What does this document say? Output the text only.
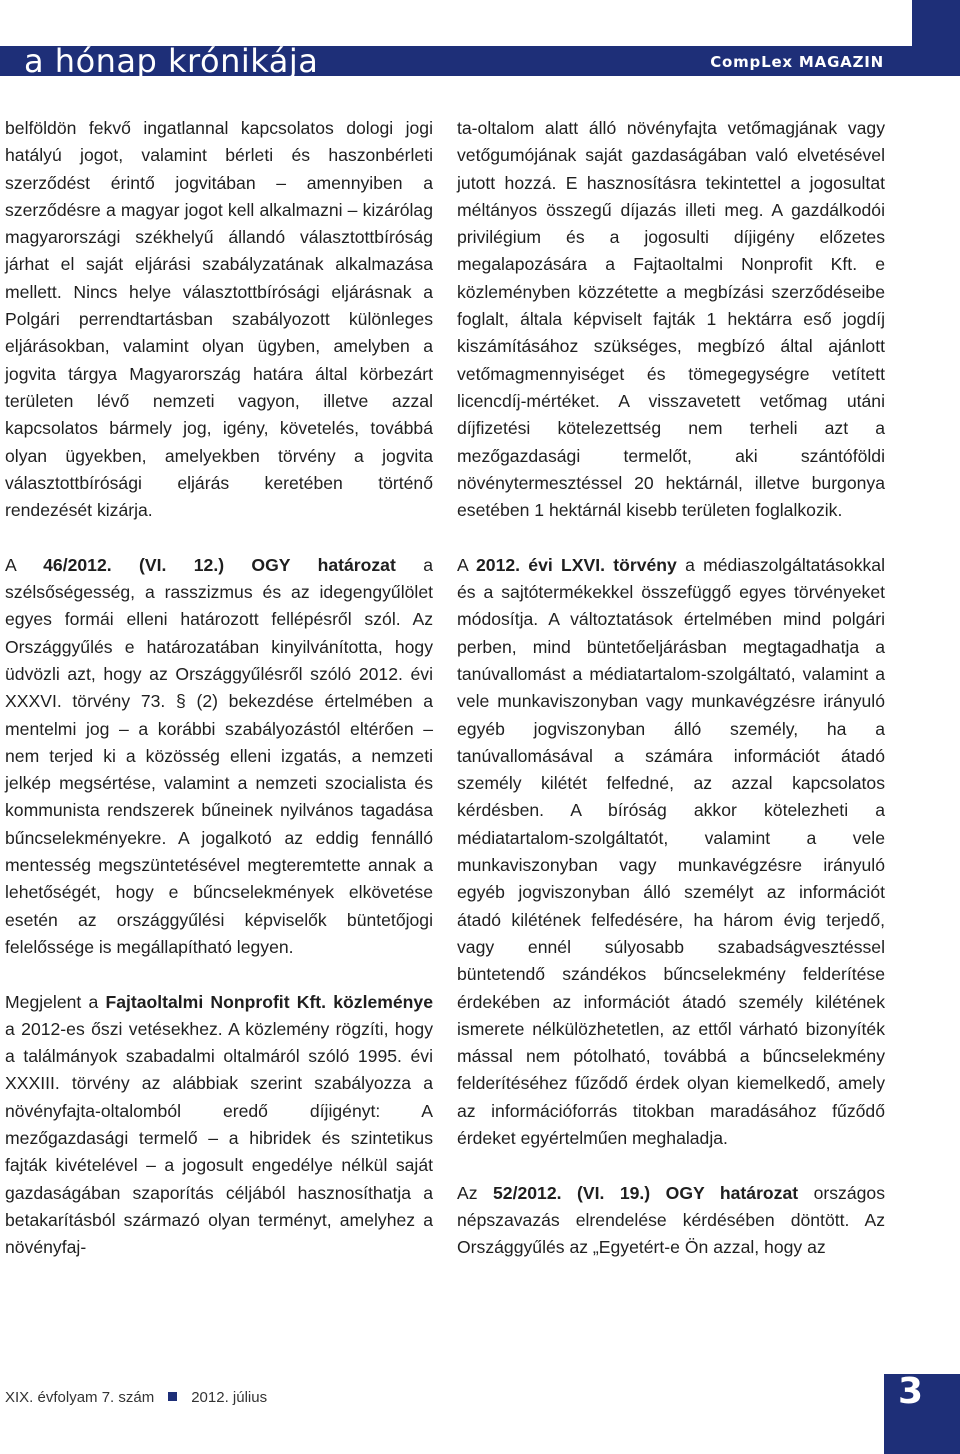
a hónap krónikája	CompLex MAGAZIN

belföldön fekvő ingatlannal kapcsolatos dologi jogi hatályú jogot, valamint bérleti és haszonbérleti szerződést érintő jogvitában – amennyiben a szerződésre a magyar jogot kell alkalmazni – kizárólag magyarországi székhelyű állandó választottbíróság járhat el saját eljárási szabályzatának alkalmazása mellett. Nincs helye választottbírósági eljárásnak a Polgári perrendtartásban szabályozott különleges eljárásokban, valamint olyan ügyben, amelyben a jogvita tárgya Magyarország határa által körbezárt területen lévő nemzeti vagyon, illetve azzal kapcsolatos bármely jog, igény, követelés, továbbá olyan ügyekben, amelyekben törvény a jogvita választottbírósági eljárás keretében történő rendezését kizárja.

A 46/2012. (VI. 12.) OGY határozat a szélsőségesség, a rasszizmus és az idegengyűlölet egyes formái elleni határozott fellépésről szól. Az Országgyűlés e határozatában kinyilvánította, hogy üdvözli azt, hogy az Országgyűlésről szóló 2012. évi XXXVI. törvény 73. § (2) bekezdése értelmében a mentelmi jog – a korábbi szabályozástól eltérően – nem terjed ki a közösség elleni izgatás, a nemzeti jelkép megsértése, valamint a nemzeti szocialista és kommunista rendszerek bűneinek nyilvános tagadása bűncselekményekre. A jogalkotó az eddig fennálló mentesség megszüntetésével megteremtette annak a lehetőségét, hogy e bűncselekmények elkövetése esetén az országgyűlési képviselők büntetőjogi felelőssége is megállapítható legyen.

Megjelent a Fajtaoltalmi Nonprofit Kft. közleménye a 2012-es őszi vetésekhez. A közlemény rögzíti, hogy a találmányok szabadalmi oltalmáról szóló 1995. évi XXXIII. törvény az alábbiak szerint szabályozza a növényfajta-oltalomból eredő díjigényt: A mezőgazdasági termelő – a hibridek és szintetikus fajták kivételével – a jogosult engedélye nélkül saját gazdaságában szaporítás céljából hasznosíthatja a betakarításból származó olyan terményt, amelyhez a növényfaj-

ta-oltalom alatt álló növényfajta vetőmagjának vagy vetőgumójának saját gazdaságában való elvetésével jutott hozzá. E hasznosításra tekintettel a jogosultat méltányos összegű díjazás illeti meg. A gazdálkodói privilégium és a jogosulti díjigény előzetes megalapozására a Fajtaoltalmi Nonprofit Kft. e közleményben közzétette a megbízási szerződéseibe foglalt, általa képviselt fajták 1 hektárra eső jogdíj kiszámításához szükséges, megbízó által ajánlott vetőmagmennyiséget és tömegegységre vetített licencdíj-mértéket. A visszavetett vetőmag utáni díjfizetési kötelezettség nem terheli azt a mezőgazdasági termelőt, aki szántóföldi növénytermesztéssel 20 hektárnál, illetve burgonya esetében 1 hektárnál kisebb területen foglalkozik.

A 2012. évi LXVI. törvény a médiaszolgáltatásokkal és a sajtótermékekkel összefüggő egyes törvényeket módosítja. A változtatások értelmében mind polgári perben, mind büntetőeljárásban megtagadhatja a tanúvallomást a médiatartalom-szolgáltató, valamint a vele munkaviszonyban vagy munkavégzésre irányuló egyéb jogviszonyban álló személy, ha a tanúvallomásával a számára információt átadó személy kilétét felfedné, az azzal kapcsolatos kérdésben. A bíróság akkor kötelezheti a médiatartalom-szolgáltatót, valamint a vele munkaviszonyban vagy munkavégzésre irányuló egyéb jogviszonyban álló személyt az információt átadó kilétének felfedésére, ha három évig terjedő, vagy ennél súlyosabb szabadságvesztéssel büntetendő szándékos bűncselekmény felderítése érdekében az információt átadó személy kilétének ismerete nélkülözhetetlen, az ettől várható bizonyíték mással nem pótolható, továbbá a bűncselekmény felderítéséhez fűződő érdek olyan kiemelkedő, amely az információforrás titokban maradásához fűződő érdeket egyértelműen meghaladja.

Az 52/2012. (VI. 19.) OGY határozat országos népszavazás elrendelése kérdésében döntött. Az Országgyűlés az „Egyetért-e Ön azzal, hogy az

XIX. évfolyam 7. szám 2012. július	3
